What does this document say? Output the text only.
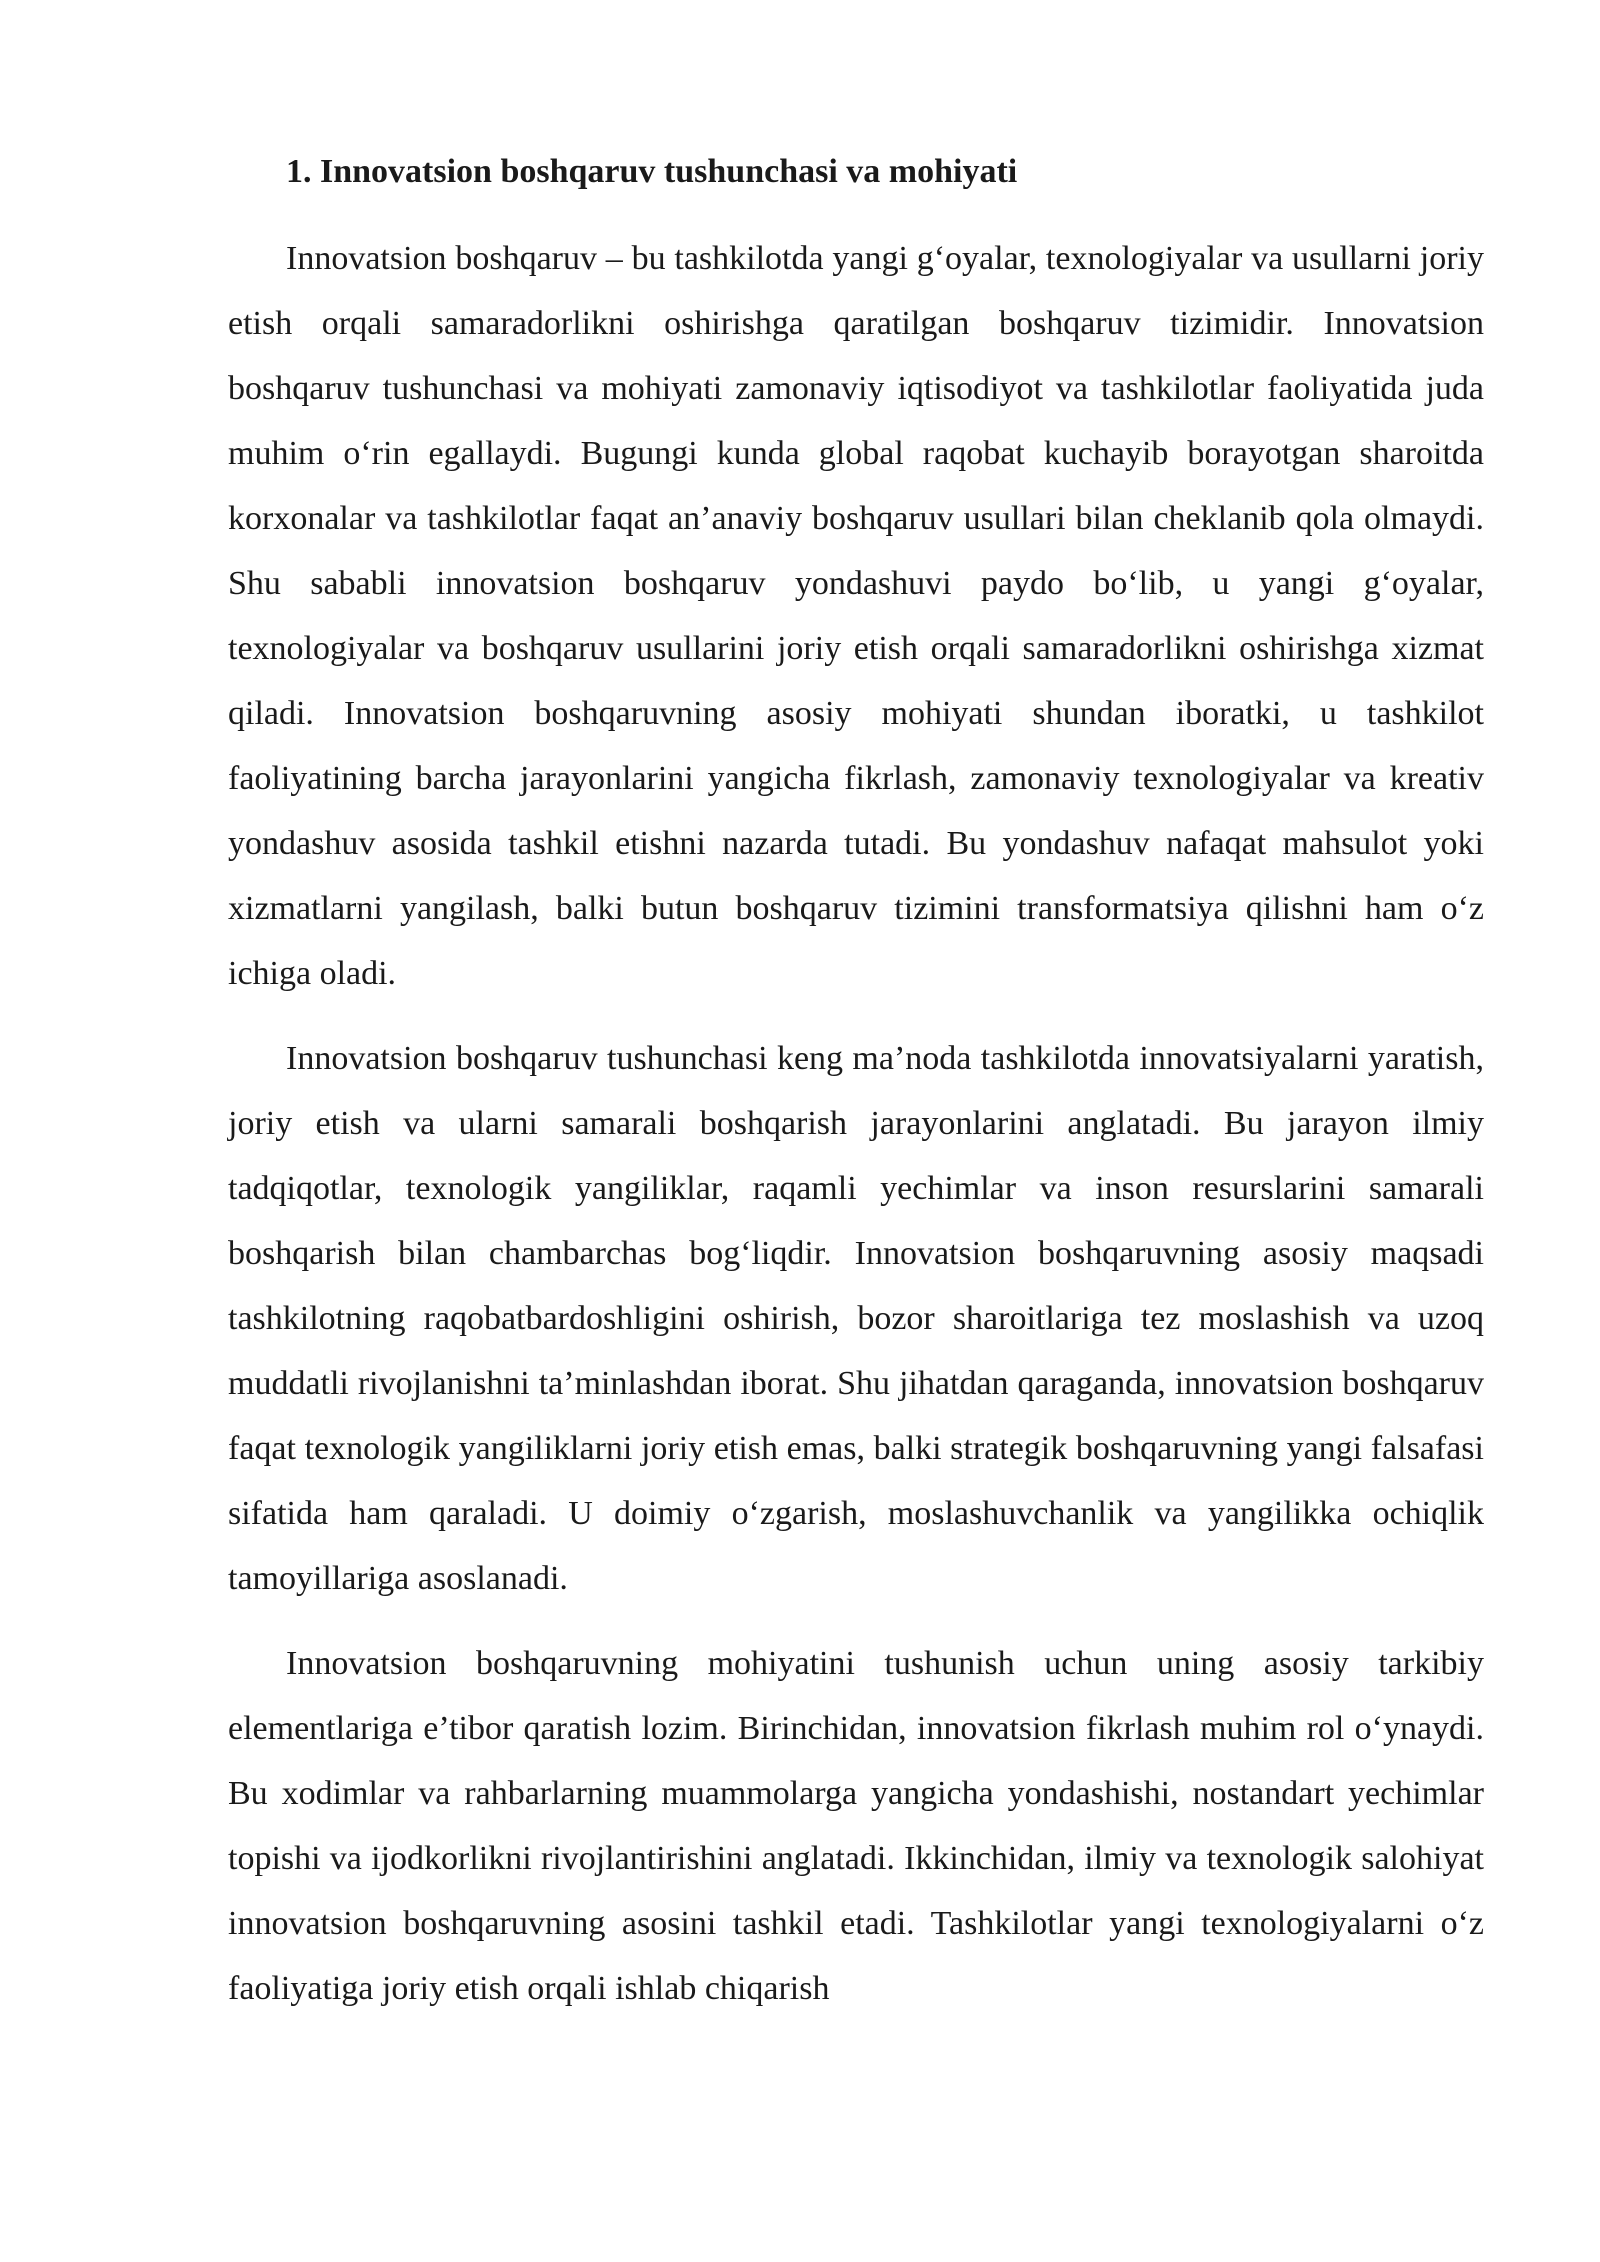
1. Innovatsion boshqaruv tushunchasi va mohiyati

Innovatsion boshqaruv – bu tashkilotda yangi g‘oyalar, texnologiyalar va usullarni joriy etish orqali samaradorlikni oshirishga qaratilgan boshqaruv tizimidir. Innovatsion boshqaruv tushunchasi va mohiyati zamonaviy iqtisodiyot va tashkilotlar faoliyatida juda muhim o‘rin egallaydi. Bugungi kunda global raqobat kuchayib borayotgan sharoitda korxonalar va tashkilotlar faqat an’anaviy boshqaruv usullari bilan cheklanib qola olmaydi. Shu sababli innovatsion boshqaruv yondashuvi paydo bo‘lib, u yangi g‘oyalar, texnologiyalar va boshqaruv usullarini joriy etish orqali samaradorlikni oshirishga xizmat qiladi. Innovatsion boshqaruvning asosiy mohiyati shundan iboratki, u tashkilot faoliyatining barcha jarayonlarini yangicha fikrlash, zamonaviy texnologiyalar va kreativ yondashuv asosida tashkil etishni nazarda tutadi. Bu yondashuv nafaqat mahsulot yoki xizmatlarni yangilash, balki butun boshqaruv tizimini transformatsiya qilishni ham o‘z ichiga oladi.

Innovatsion boshqaruv tushunchasi keng ma’noda tashkilotda innovatsiyalarni yaratish, joriy etish va ularni samarali boshqarish jarayonlarini anglatadi. Bu jarayon ilmiy tadqiqotlar, texnologik yangiliklar, raqamli yechimlar va inson resurslarini samarali boshqarish bilan chambarchas bog‘liqdir. Innovatsion boshqaruvning asosiy maqsadi tashkilotning raqobatbardoshligini oshirish, bozor sharoitlariga tez moslashish va uzoq muddatli rivojlanishni ta’minlashdan iborat. Shu jihatdan qaraganda, innovatsion boshqaruv faqat texnologik yangiliklarni joriy etish emas, balki strategik boshqaruvning yangi falsafasi sifatida ham qaraladi. U doimiy o‘zgarish, moslashuvchanlik va yangilikka ochiqlik tamoyillariga asoslanadi.

Innovatsion boshqaruvning mohiyatini tushunish uchun uning asosiy tarkibiy elementlariga e’tibor qaratish lozim. Birinchidan, innovatsion fikrlash muhim rol o‘ynaydi. Bu xodimlar va rahbarlarning muammolarga yangicha yondashishi, nostandart yechimlar topishi va ijodkorlikni rivojlantirishini anglatadi. Ikkinchidan, ilmiy va texnologik salohiyat innovatsion boshqaruvning asosini tashkil etadi. Tashkilotlar yangi texnologiyalarni o‘z faoliyatiga joriy etish orqali ishlab chiqarish
